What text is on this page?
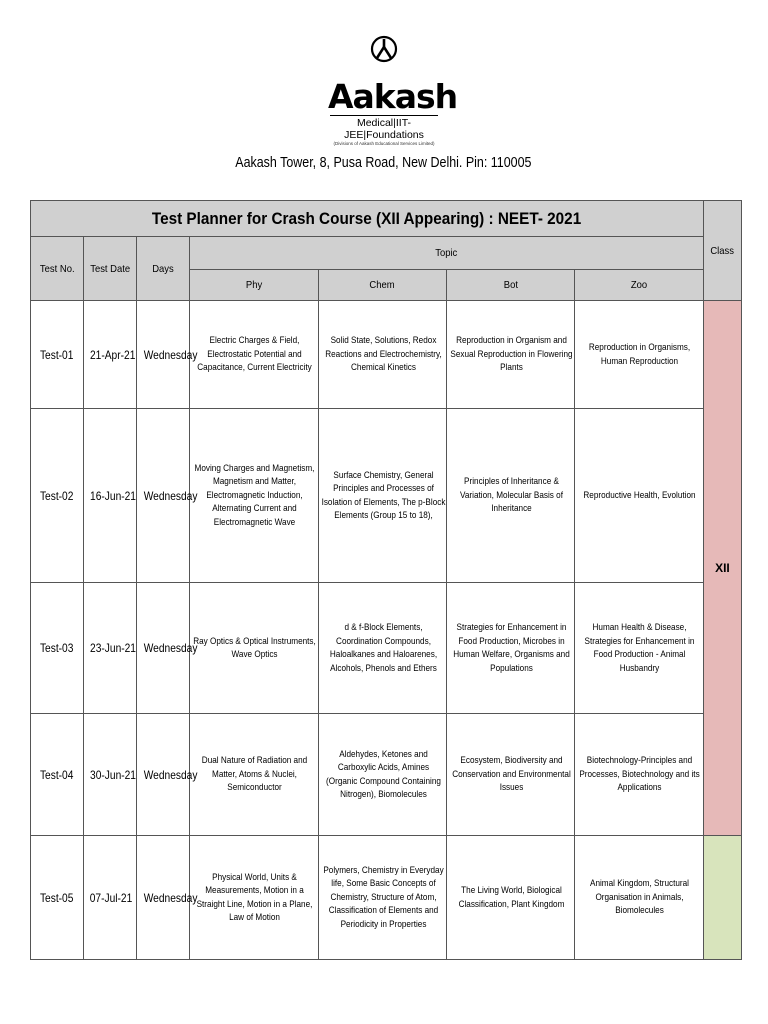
Aakash
Medical|IIT-JEE|Foundations
(Divisions of Aakash Educational Services Limited)
Aakash Tower, 8, Pusa Road, New Delhi. Pin: 110005
Test Planner for Crash Course (XII Appearing) : NEET- 2021							Class
Test No.	Test Date	Days	Topic				
			Phy	Chem	Bot	Zoo	
Test-01	21-Apr-21	Wednesday	Electric Charges & Field, Electrostatic Potential and Capacitance, Current Electricity	Solid State, Solutions, Redox Reactions and Electrochemistry, Chemical Kinetics	Reproduction in Organism and Sexual Reproduction in Flowering Plants	Reproduction in Organisms, Human Reproduction	XII
Test-02	16-Jun-21	Wednesday	Moving Charges and Magnetism, Magnetism and Matter, Electromagnetic Induction, Alternating Current and Electromagnetic Wave	Surface Chemistry, General Principles and Processes of Isolation of Elements, The p-Block Elements (Group 15 to 18),	Principles of Inheritance & Variation, Molecular Basis of Inheritance	Reproductive Health, Evolution	
Test-03	23-Jun-21	Wednesday	Ray Optics & Optical Instruments, Wave Optics	d & f-Block Elements, Coordination Compounds, Haloalkanes and Haloarenes, Alcohols, Phenols and Ethers	Strategies for Enhancement in Food Production, Microbes in Human Welfare, Organisms and Populations	Human Health & Disease, Strategies for Enhancement in Food Production - Animal Husbandry	
Test-04	30-Jun-21	Wednesday	Dual Nature of Radiation and Matter, Atoms & Nuclei, Semiconductor	Aldehydes, Ketones and Carboxylic Acids, Amines (Organic Compound Containing Nitrogen), Biomolecules	Ecosystem, Biodiversity and Conservation and Environmental Issues	Biotechnology-Principles and Processes, Biotechnology and its Applications	
Test-05	07-Jul-21	Wednesday	Physical World, Units & Measurements, Motion in a Straight Line, Motion in a Plane, Law of Motion	Polymers, Chemistry in Everyday life, Some Basic Concepts of Chemistry, Structure of Atom, Classification of Elements and Periodicity in Properties	The Living World, Biological Classification, Plant Kingdom	Animal Kingdom, Structural Organisation in Animals, Biomolecules	
